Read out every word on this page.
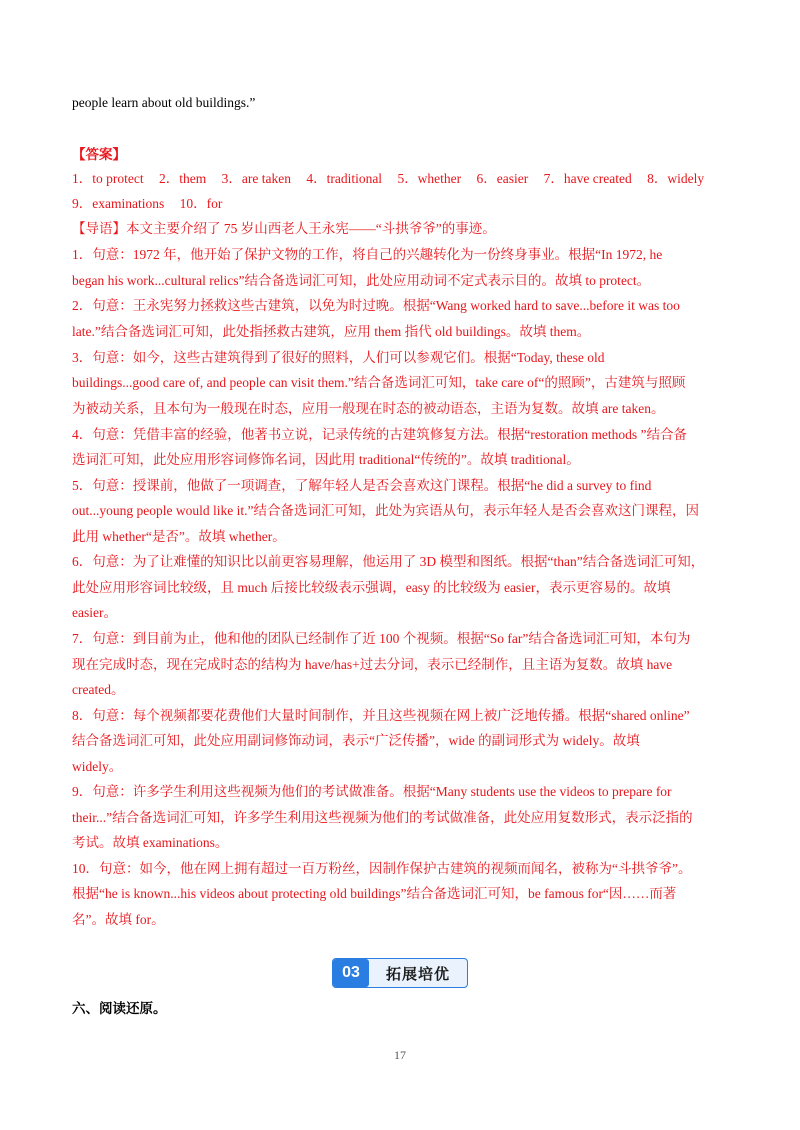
people learn about old buildings.”
【答案】
1．to protect 2．them 3．are taken 4．traditional 5．whether 6．easier 7．have created 8．widely
9．examinations 10．for
【导语】本文主要介绍了 75 岁山西老人王永宪——“斗拱爷爷”的事迹。
1．句意：1972 年，他开始了保护文物的工作，将自己的兴趣转化为一份终身事业。根据“In 1972, he
began his work...cultural relics”结合备选词汇可知，此处应用动词不定式表示目的。故填 to protect。
2．句意：王永宪努力拯救这些古建筑，以免为时过晚。根据“Wang worked hard to save...before it was too
late.”结合备选词汇可知，此处指拯救古建筑，应用 them 指代 old buildings。故填 them。
3．句意：如今，这些古建筑得到了很好的照料，人们可以参观它们。根据“Today, these old
buildings...good care of, and people can visit them.”结合备选词汇可知，take care of“的照顾”，古建筑与照顾
为被动关系，且本句为一般现在时态，应用一般现在时态的被动语态，主语为复数。故填 are taken。
4．句意：凭借丰富的经验，他著书立说，记录传统的古建筑修复方法。根据“restoration methods ”结合备
选词汇可知，此处应用形容词修饰名词，因此用 traditional“传统的”。故填 traditional。
5．句意：授课前，他做了一项调查，了解年轻人是否会喜欢这门课程。根据“he did a survey to find
out...young people would like it.”结合备选词汇可知，此处为宾语从句，表示年轻人是否会喜欢这门课程，因
此用 whether“是否”。故填 whether。
6．句意：为了让难懂的知识比以前更容易理解，他运用了 3D 模型和图纸。根据“than”结合备选词汇可知，
此处应用形容词比较级，且 much 后接比较级表示强调，easy 的比较级为 easier，表示更容易的。故填
easier。
7．句意：到目前为止，他和他的团队已经制作了近 100 个视频。根据“So far”结合备选词汇可知，本句为
现在完成时态，现在完成时态的结构为 have/has+过去分词，表示已经制作，且主语为复数。故填 have
created。
8．句意：每个视频都要花费他们大量时间制作，并且这些视频在网上被广泛地传播。根据“shared online”
结合备选词汇可知，此处应用副词修饰动词，表示“广泛传播”，wide 的副词形式为 widely。故填
widely。
9．句意：许多学生利用这些视频为他们的考试做准备。根据“Many students use the videos to prepare for
their...”结合备选词汇可知，许多学生利用这些视频为他们的考试做准备，此处应用复数形式，表示泛指的
考试。故填 examinations。
10．句意：如今，他在网上拥有超过一百万粉丝，因制作保护古建筑的视频而闻名，被称为“斗拱爷爷”。
根据“he is known...his videos about protecting old buildings”结合备选词汇可知，be famous for“因……而著
名”。故填 for。
03	拓展培优
六、阅读还原。
17
